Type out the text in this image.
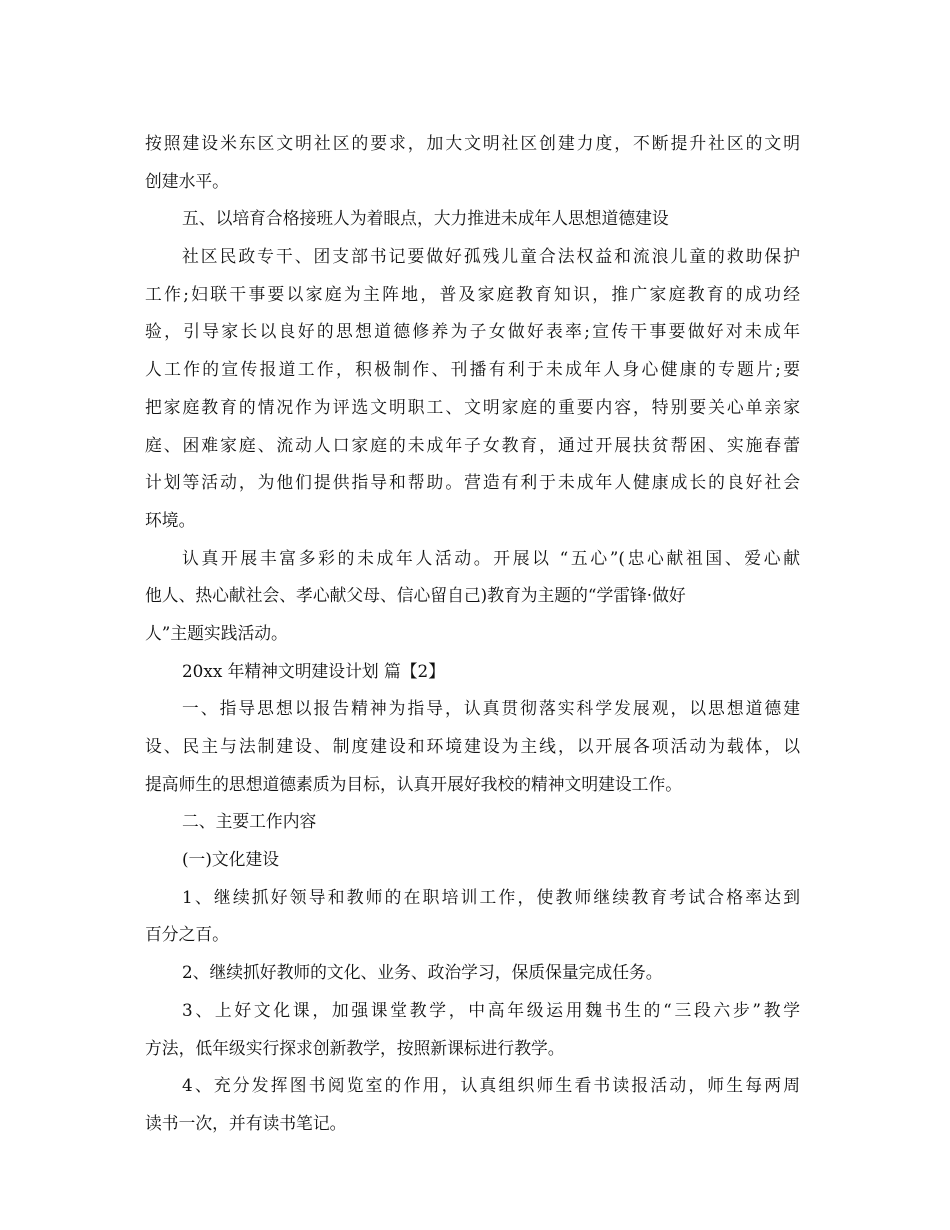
按照建设米东区文明社区的要求，加大文明社区创建力度，不断提升社区的文明
创建水平。
五、以培育合格接班人为着眼点，大力推进未成年人思想道德建设
社区民政专干、团支部书记要做好孤残儿童合法权益和流浪儿童的救助保护
工作;妇联干事要以家庭为主阵地，普及家庭教育知识，推广家庭教育的成功经
验，引导家长以良好的思想道德修养为子女做好表率;宣传干事要做好对未成年
人工作的宣传报道工作，积极制作、刊播有利于未成年人身心健康的专题片;要
把家庭教育的情况作为评选文明职工、文明家庭的重要内容，特别要关心单亲家
庭、困难家庭、流动人口家庭的未成年子女教育，通过开展扶贫帮困、实施春蕾
计划等活动，为他们提供指导和帮助。营造有利于未成年人健康成长的良好社会
环境。
认真开展丰富多彩的未成年人活动。开展以 “五心”(忠心献祖国、爱心献
他人、热心献社会、孝心献父母、信心留自己)教育为主题的“学雷锋·做好
人”主题实践活动。
20xx 年精神文明建设计划 篇【2】
一、指导思想以报告精神为指导，认真贯彻落实科学发展观，以思想道德建
设、民主与法制建设、制度建设和环境建设为主线，以开展各项活动为载体，以
提高师生的思想道德素质为目标，认真开展好我校的精神文明建设工作。
二、主要工作内容
(一)文化建设
1、继续抓好领导和教师的在职培训工作，使教师继续教育考试合格率达到
百分之百。
2、继续抓好教师的文化、业务、政治学习，保质保量完成任务。
3、上好文化课，加强课堂教学，中高年级运用魏书生的“三段六步”教学
方法，低年级实行探求创新教学，按照新课标进行教学。
4、充分发挥图书阅览室的作用，认真组织师生看书读报活动，师生每两周
读书一次，并有读书笔记。
